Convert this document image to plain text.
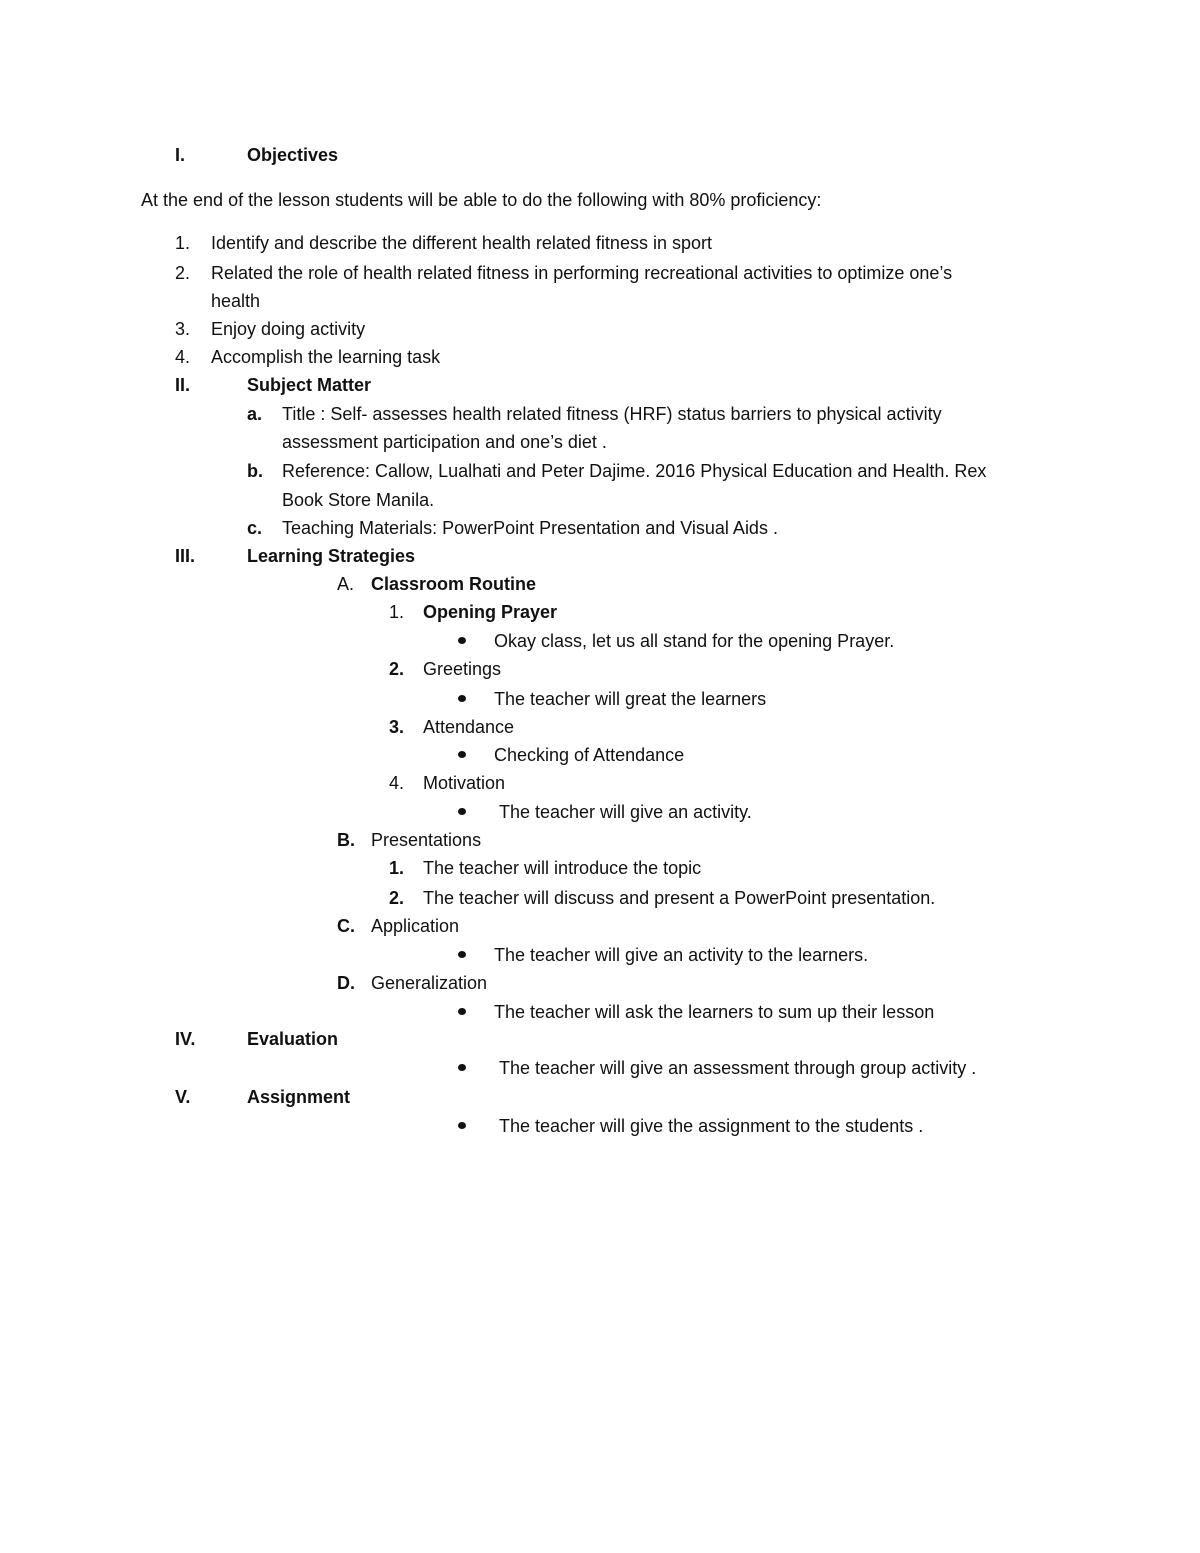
I.	Objectives
At the end of the lesson students will be able to do the following with 80% proficiency:
1. Identify and describe the different health related fitness in sport
2. Related the role of health related fitness in performing recreational activities to optimize one’s
health
3. Enjoy doing activity
4. Accomplish the learning task
II.	Subject Matter
a. Title : Self- assesses health related fitness (HRF) status barriers to physical activity
assessment participation and one’s diet .
b. Reference: Callow, Lualhati and Peter Dajime. 2016 Physical Education and Health. Rex
Book Store Manila.
c. Teaching Materials: PowerPoint Presentation and Visual Aids .
III.	Learning Strategies
A. Classroom Routine
1. Opening Prayer
Okay class, let us all stand for the opening Prayer.
2. Greetings
The teacher will great the learners
3. Attendance
Checking of Attendance
4. Motivation
The teacher will give an activity.
B. Presentations
1. The teacher will introduce the topic
2. The teacher will discuss and present a PowerPoint presentation.
C. Application
The teacher will give an activity to the learners.
D. Generalization
The teacher will ask the learners to sum up their lesson
IV.	Evaluation
The teacher will give an assessment through group activity .
V.	Assignment
The teacher will give the assignment to the students .
